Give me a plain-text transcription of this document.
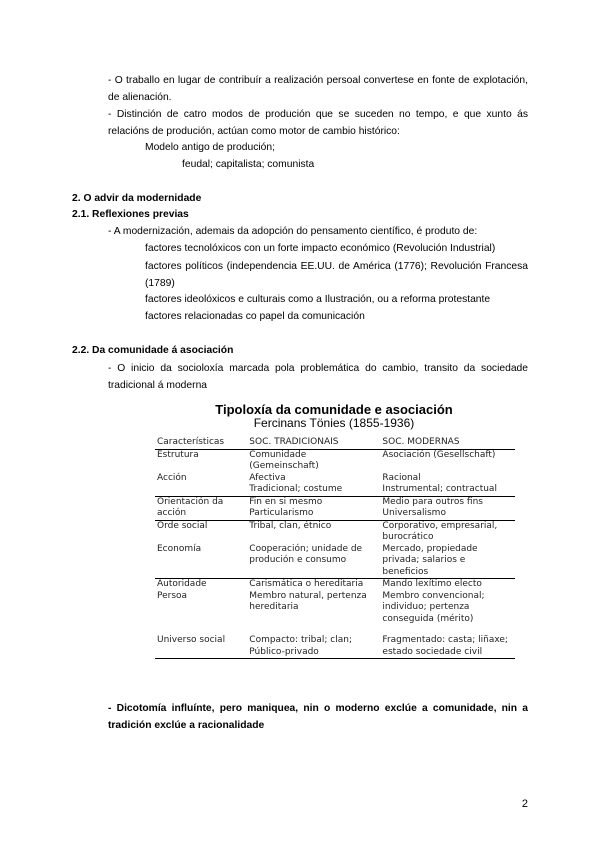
- O traballo en lugar de contribuír a realización persoal convertese en fonte de explotación, de alienación.
- Distinción de catro modos de produción que se suceden no tempo, e que xunto ás relacións de produción, actúan como motor de cambio histórico:
Modelo antigo de produción;
feudal; capitalista; comunista
2. O advir da modernidade
2.1. Reflexiones previas
- A modernización, ademais da adopción do pensamento científico, é produto de:
factores tecnolóxicos con un forte impacto económico (Revolución Industrial)
factores políticos (independencia EE.UU. de América (1776); Revolución Francesa (1789)
factores ideolóxicos e culturais como a Ilustración, ou a reforma protestante
factores relacionadas co papel da comunicación
2.2. Da comunidade á asociación
- O inicio da socioloxía marcada pola problemática do cambio, transito da sociedade tradicional á moderna
Tipoloxía da comunidade e asociación
Fercinans Tönies (1855-1936)
Características	SOC. TRADICIONAIS	SOC. MODERNAS
Estrutura	Comunidade (Gemeinschaft)	Asociación (Gesellschaft)
Acción	Afectiva	Racional
	Tradicional; costume	Instrumental; contractual
Orientación da acción	Fin en si mesmo Particularismo	Medio para outros fins Universalismo
Orde social	Tribal, clan, étnico	Corporativo, empresarial, burocrático
Economía	Cooperación; unidade de produción e consumo	Mercado, propiedade privada; salarios e beneficios
Autoridade	Carismática o hereditaria	Mando lexítimo electo
Persoa	Membro natural, pertenza hereditaria	Membro convencional; individuo; pertenza conseguida (mérito)
Universo social	Compacto: tribal; clan; Público-privado	Fragmentado: casta; liñaxe; estado sociedade civil
- Dicotomía influínte, pero maniquea, nin o moderno exclúe a comunidade, nin a tradición exclúe a racionalidade
2
